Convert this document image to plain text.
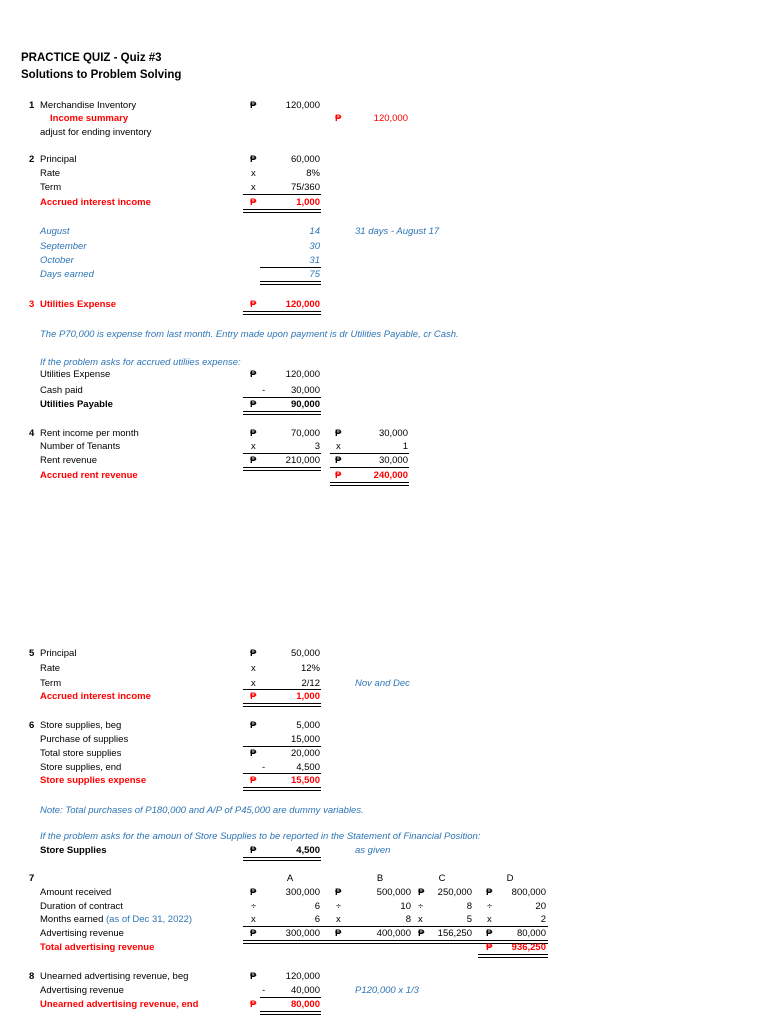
PRACTICE QUIZ - Quiz #3
Solutions to Problem Solving
1 Merchandise Inventory	₱	120,000
Income summary	₱	120,000
adjust for ending inventory
2 Principal	₱	60,000
Rate	x	8%
Term	x	75/360
Accrued interest income	₱	1,000
August	14	31 days - August 17
September	30
October	31
Days earned	75
3 Utilities Expense	₱	120,000
The P70,000 is expense from last month. Entry made upon payment is dr Utilities Payable, cr Cash.
If the problem asks for accrued utiliies expense:
Utilities Expense	₱	120,000
Cash paid	-	30,000
Utilities Payable	₱	90,000
4 Rent income per month	₱	70,000 ₱	30,000
Number of Tenants	x	3 x	1
Rent revenue	₱	210,000 ₱	30,000
Accrued rent revenue	₱	240,000
5 Principal	₱	50,000
Rate	x	12%
Term	x	2/12	Nov and Dec
Accrued interest income	₱	1,000
6 Store supplies, beg	₱	5,000
Purchase of supplies	15,000
Total store supplies	₱	20,000
Store supplies, end	-	4,500
Store supplies expense	₱	15,500
Note: Total purchases of P180,000 and A/P of P45,000 are dummy variables.
If the problem asks for the amoun of Store Supplies to be reported in the Statement of Financial Position:
Store Supplies	₱	4,500	as given
7	A	B	C	D
Amount received	₱	300,000 ₱	500,000 ₱	250,000 ₱	800,000
Duration of contract	÷	6 ÷	10 ÷	8 ÷	20
Months earned (as of Dec 31, 2022)	x	6 x	8 x	5 x	2
Advertising revenue	₱	300,000 ₱	400,000 ₱	156,250 ₱	80,000
Total advertising revenue	₱	936,250
8 Unearned advertising revenue, beg	₱	120,000
Advertising revenue	-	40,000	P120,000 x 1/3
Unearned advertising revenue, end	₱	80,000
